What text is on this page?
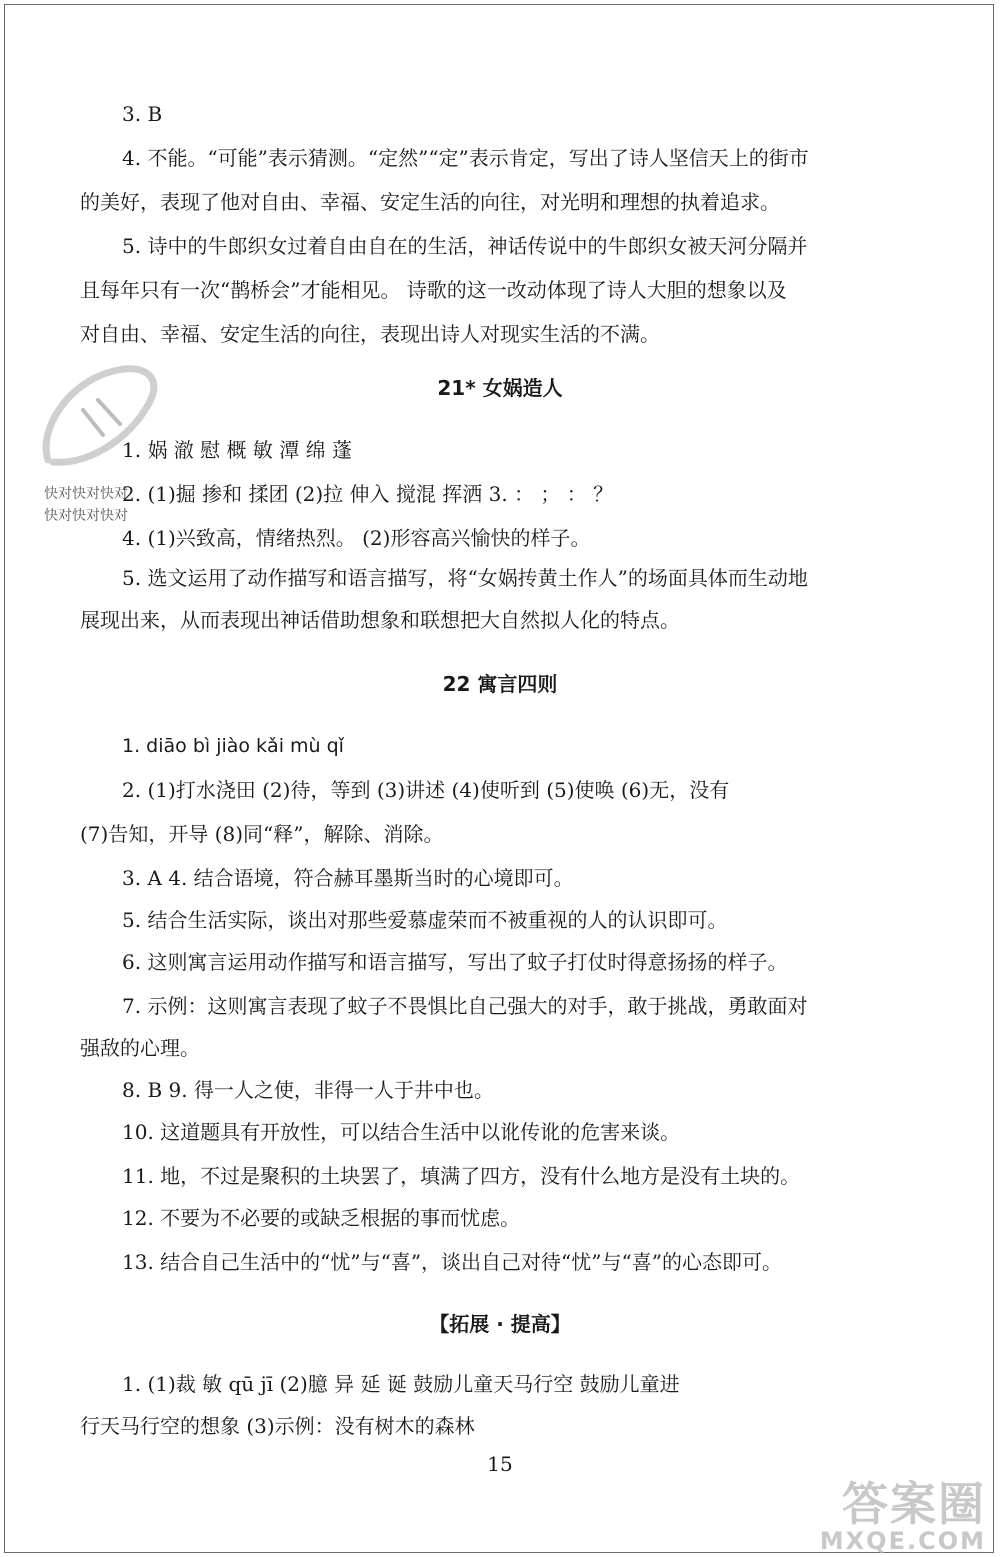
3. B
4. 不能。“可能”表示猜测。“定然”“定”表示肯定，写出了诗人坚信天上的街市
的美好，表现了他对自由、幸福、安定生活的向往，对光明和理想的执着追求。
5. 诗中的牛郎织女过着自由自在的生活，神话传说中的牛郎织女被天河分隔并
且每年只有一次“鹊桥会”才能相见。 诗歌的这一改动体现了诗人大胆的想象以及
对自由、幸福、安定生活的向往，表现出诗人对现实生活的不满。
21* 女娲造人
1. 娲 澈 慰 概 敏 潭 绵 蓬
2. (1)掘 掺和 揉团 (2)拉 伸入 搅混 挥洒 3. ： ； ： ？
4. (1)兴致高，情绪热烈。 (2)形容高兴愉快的样子。
5. 选文运用了动作描写和语言描写，将“女娲抟黄土作人”的场面具体而生动地
展现出来，从而表现出神话借助想象和联想把大自然拟人化的特点。
快对快对快对
快对快对快对
22 寓言四则
1. diāo bì jiào kǎi mù qǐ
2. (1)打水浇田 (2)待，等到 (3)讲述 (4)使听到 (5)使唤 (6)无，没有
(7)告知，开导 (8)同“释”，解除、消除。
3. A 4. 结合语境，符合赫耳墨斯当时的心境即可。
5. 结合生活实际，谈出对那些爱慕虚荣而不被重视的人的认识即可。
6. 这则寓言运用动作描写和语言描写，写出了蚊子打仗时得意扬扬的样子。
7. 示例：这则寓言表现了蚊子不畏惧比自己强大的对手，敢于挑战，勇敢面对
强敌的心理。
8. B 9. 得一人之使，非得一人于井中也。
10. 这道题具有开放性，可以结合生活中以讹传讹的危害来谈。
11. 地，不过是聚积的土块罢了，填满了四方，没有什么地方是没有土块的。
12. 不要为不必要的或缺乏根据的事而忧虑。
13. 结合自己生活中的“忧”与“喜”，谈出自己对待“忧”与“喜”的心态即可。
【拓展 · 提高】
1. (1)裁 敏 qū jī (2)臆 异 延 诞 鼓励儿童天马行空 鼓励儿童进
行天马行空的想象 (3)示例：没有树木的森林
15
答案圈
MXQE.COM
